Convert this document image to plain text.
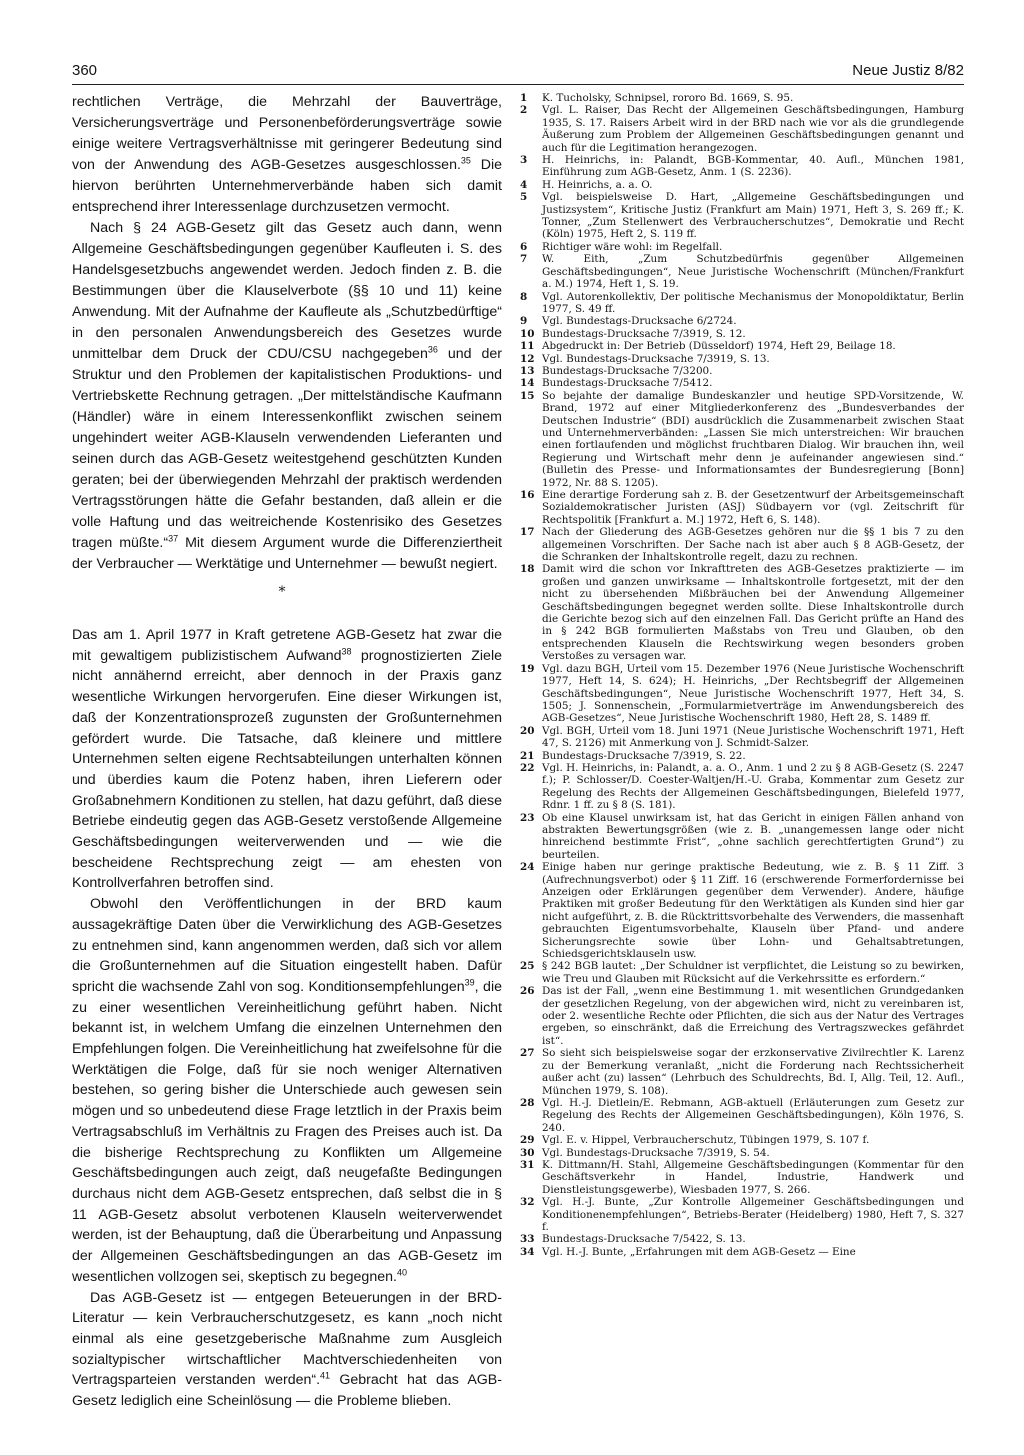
360	Neue Justiz 8/82

rechtlichen Verträge, die Mehrzahl der Bauverträge, Versicherungsverträge und Personenbeförderungsverträge sowie einige weitere Vertragsverhältnisse mit geringerer Bedeutung sind von der Anwendung des AGB-Gesetzes ausgeschlossen.$^{35}$ Die hiervon berührten Unternehmerverbände haben sich damit entsprechend ihrer Interessenlage durchzusetzen vermocht.

Nach § 24 AGB-Gesetz gilt das Gesetz auch dann, wenn Allgemeine Geschäftsbedingungen gegenüber Kaufleuten i. S. des Handelsgesetzbuchs angewendet werden. Jedoch finden z. B. die Bestimmungen über die Klauselverbote (§§ 10 und 11) keine Anwendung. Mit der Aufnahme der Kaufleute als „Schutzbedürftige“ in den personalen Anwendungsbereich des Gesetzes wurde unmittelbar dem Druck der CDU/CSU nachgegeben$^{36}$ und der Struktur und den Problemen der kapitalistischen Produktions- und Vertriebskette Rechnung getragen. „Der mittelständische Kaufmann (Händler) wäre in einem Interessenkonflikt zwischen seinem ungehindert weiter AGB-Klauseln verwendenden Lieferanten und seinen durch das AGB-Gesetz weitestgehend geschützten Kunden geraten; bei der überwiegenden Mehrzahl der praktisch werdenden Vertragsstörungen hätte die Gefahr bestanden, daß allein er die volle Haftung und das weitreichende Kostenrisiko des Gesetzes tragen müßte.“$^{37}$ Mit diesem Argument wurde die Differenziertheit der Verbraucher — Werktätige und Unternehmer — bewußt negiert.

*

Das am 1. April 1977 in Kraft getretene AGB-Gesetz hat zwar die mit gewaltigem publizistischem Aufwand$^{38}$ prognostizierten Ziele nicht annähernd erreicht, aber dennoch in der Praxis ganz wesentliche Wirkungen hervorgerufen. Eine dieser Wirkungen ist, daß der Konzentrationsprozeß zugunsten der Großunternehmen gefördert wurde. Die Tatsache, daß kleinere und mittlere Unternehmen selten eigene Rechtsabteilungen unterhalten können und überdies kaum die Potenz haben, ihren Lieferern oder Großabnehmern Konditionen zu stellen, hat dazu geführt, daß diese Betriebe eindeutig gegen das AGB-Gesetz verstoßende Allgemeine Geschäftsbedingungen weiterverwenden und — wie die bescheidene Rechtsprechung zeigt — am ehesten von Kontrollverfahren betroffen sind.

Obwohl den Veröffentlichungen in der BRD kaum aussagekräftige Daten über die Verwirklichung des AGB-Gesetzes zu entnehmen sind, kann angenommen werden, daß sich vor allem die Großunternehmen auf die Situation eingestellt haben. Dafür spricht die wachsende Zahl von sog. Konditionsempfehlungen$^{39}$, die zu einer wesentlichen Vereinheitlichung geführt haben. Nicht bekannt ist, in welchem Umfang die einzelnen Unternehmen den Empfehlungen folgen. Die Vereinheitlichung hat zweifelsohne für die Werktätigen die Folge, daß für sie noch weniger Alternativen bestehen, so gering bisher die Unterschiede auch gewesen sein mögen und so unbedeutend diese Frage letztlich in der Praxis beim Vertragsabschluß im Verhältnis zu Fragen des Preises auch ist. Da die bisherige Rechtsprechung zu Konflikten um Allgemeine Geschäftsbedingungen auch zeigt, daß neugefaßte Bedingungen durchaus nicht dem AGB-Gesetz entsprechen, daß selbst die in § 11 AGB-Gesetz absolut verbotenen Klauseln weiterverwendet werden, ist der Behauptung, daß die Überarbeitung und Anpassung der Allgemeinen Geschäftsbedingungen an das AGB-Gesetz im wesentlichen vollzogen sei, skeptisch zu begegnen.$^{40}$

Das AGB-Gesetz ist — entgegen Beteuerungen in der BRD-Literatur — kein Verbraucherschutzgesetz, es kann „noch nicht einmal als eine gesetzgeberische Maßnahme zum Ausgleich sozialtypischer wirtschaftlicher Machtverschiedenheiten von Vertragsparteien verstanden werden“.$^{41}$ Gebracht hat das AGB-Gesetz lediglich eine Scheinlösung — die Probleme blieben.

1	K. Tucholsky, Schnipsel, rororo Bd. 1669, S. 95.
2	Vgl. L. Raiser, Das Recht der Allgemeinen Geschäftsbedingungen, Hamburg 1935, S. 17. Raisers Arbeit wird in der BRD nach wie vor als die grundlegende Äußerung zum Problem der Allgemeinen Geschäftsbedingungen genannt und auch für die Legitimation herangezogen.
3	H. Heinrichs, in: Palandt, BGB-Kommentar, 40. Aufl., München 1981, Einführung zum AGB-Gesetz, Anm. 1 (S. 2236).
4	H. Heinrichs, a. a. O.
5	Vgl. beispielsweise D. Hart, „Allgemeine Geschäftsbedingungen und Justizsystem“, Kritische Justiz (Frankfurt am Main) 1971, Heft 3, S. 269 ff.; K. Tonner, „Zum Stellenwert des Verbraucherschutzes“, Demokratie und Recht (Köln) 1975, Heft 2, S. 119 ff.
6	Richtiger wäre wohl: im Regelfall.
7	W. Eith, „Zum Schutzbedürfnis gegenüber Allgemeinen Geschäftsbedingungen“, Neue Juristische Wochenschrift (München/Frankfurt a. M.) 1974, Heft 1, S. 19.
8	Vgl. Autorenkollektiv, Der politische Mechanismus der Monopoldiktatur, Berlin 1977, S. 49 ff.
9	Vgl. Bundestags-Drucksache 6/2724.
10 Bundestags-Drucksache 7/3919, S. 12.
11 Abgedruckt in: Der Betrieb (Düsseldorf) 1974, Heft 29, Beilage 18.
12 Vgl. Bundestags-Drucksache 7/3919, S. 13.
13 Bundestags-Drucksache 7/3200.
14 Bundestags-Drucksache 7/5412.
15 So bejahte der damalige Bundeskanzler und heutige SPD-Vorsitzende, W. Brand, 1972 auf einer Mitgliederkonferenz des „Bundesverbandes der Deutschen Industrie“ (BDI) ausdrücklich die Zusammenarbeit zwischen Staat und Unternehmerverbänden: „Lassen Sie mich unterstreichen: Wir brauchen einen fortlaufenden und möglichst fruchtbaren Dialog. Wir brauchen ihn, weil Regierung und Wirtschaft mehr denn je aufeinander angewiesen sind.“ (Bulletin des Presse- und Informationsamtes der Bundesregierung [Bonn] 1972, Nr. 88 S. 1205).
16 Eine derartige Forderung sah z. B. der Gesetzentwurf der Arbeitsgemeinschaft Sozialdemokratischer Juristen (ASJ) Südbayern vor (vgl. Zeitschrift für Rechtspolitik [Frankfurt a. M.] 1972, Heft 6, S. 148).
17 Nach der Gliederung des AGB-Gesetzes gehören nur die §§ 1 bis 7 zu den allgemeinen Vorschriften. Der Sache nach ist aber auch § 8 AGB-Gesetz, der die Schranken der Inhaltskontrolle regelt, dazu zu rechnen.
18 Damit wird die schon vor Inkrafttreten des AGB-Gesetzes praktizierte — im großen und ganzen unwirksame — Inhaltskontrolle fortgesetzt, mit der den nicht zu übersehenden Mißbräuchen bei der Anwendung Allgemeiner Geschäftsbedingungen begegnet werden sollte. Diese Inhaltskontrolle durch die Gerichte bezog sich auf den einzelnen Fall. Das Gericht prüfte an Hand des in § 242 BGB formulierten Maßstabs von Treu und Glauben, ob den entsprechenden Klauseln die Rechtswirkung wegen besonders groben Verstoßes zu versagen war.
19 Vgl. dazu BGH, Urteil vom 15. Dezember 1976 (Neue Juristische Wochenschrift 1977, Heft 14, S. 624); H. Heinrichs, „Der Rechtsbegriff der Allgemeinen Geschäftsbedingungen“, Neue Juristische Wochenschrift 1977, Heft 34, S. 1505; J. Sonnenschein, „Formularmietverträge im Anwendungsbereich des AGB-Gesetzes“, Neue Juristische Wochenschrift 1980, Heft 28, S. 1489 ff.
20 Vgl. BGH, Urteil vom 18. Juni 1971 (Neue Juristische Wochenschrift 1971, Heft 47, S. 2126) mit Anmerkung von J. Schmidt-Salzer.
21 Bundestags-Drucksache 7/3919, S. 22.
22 Vgl. H. Heinrichs, in: Palandt, a. a. O., Anm. 1 und 2 zu § 8 AGB-Gesetz (S. 2247 f.); P. Schlosser/D. Coester-Waltjen/H.-U. Graba, Kommentar zum Gesetz zur Regelung des Rechts der Allgemeinen Geschäftsbedingungen, Bielefeld 1977, Rdnr. 1 ff. zu § 8 (S. 181).
23 Ob eine Klausel unwirksam ist, hat das Gericht in einigen Fällen anhand von abstrakten Bewertungsgrößen (wie z. B. „unangemessen lange oder nicht hinreichend bestimmte Frist“, „ohne sachlich gerechtfertigten Grund“) zu beurteilen.
24 Einige haben nur geringe praktische Bedeutung, wie z. B. § 11 Ziff. 3 (Aufrechnungsverbot) oder § 11 Ziff. 16 (erschwerende Formerfordernisse bei Anzeigen oder Erklärungen gegenüber dem Verwender). Andere, häufige Praktiken mit großer Bedeutung für den Werktätigen als Kunden sind hier gar nicht aufgeführt, z. B. die Rücktrittsvorbehalte des Verwenders, die massenhaft gebrauchten Eigentumsvorbehalte, Klauseln über Pfand- und andere Sicherungsrechte sowie über Lohn- und Gehaltsabtretungen, Schiedsgerichtsklauseln usw.
25 § 242 BGB lautet: „Der Schuldner ist verpflichtet, die Leistung so zu bewirken, wie Treu und Glauben mit Rücksicht auf die Verkehrssitte es erfordern.“
26 Das ist der Fall, „wenn eine Bestimmung 1. mit wesentlichen Grundgedanken der gesetzlichen Regelung, von der abgewichen wird, nicht zu vereinbaren ist, oder 2. wesentliche Rechte oder Pflichten, die sich aus der Natur des Vertrages ergeben, so einschränkt, daß die Erreichung des Vertragszweckes gefährdet ist“.
27 So sieht sich beispielsweise sogar der erzkonservative Zivilrechtler K. Larenz zu der Bemerkung veranlaßt, „nicht die Forderung nach Rechtssicherheit außer acht (zu) lassen“ (Lehrbuch des Schuldrechts, Bd. I, Allg. Teil, 12. Aufl., München 1979, S. 108).
28 Vgl. H.-J. Dietlein/E. Rebmann, AGB-aktuell (Erläuterungen zum Gesetz zur Regelung des Rechts der Allgemeinen Geschäftsbedingungen), Köln 1976, S. 240.
29 Vgl. E. v. Hippel, Verbraucherschutz, Tübingen 1979, S. 107 f.
30 Vgl. Bundestags-Drucksache 7/3919, S. 54.
31 K. Dittmann/H. Stahl, Allgemeine Geschäftsbedingungen (Kommentar für den Geschäftsverkehr in Handel, Industrie, Handwerk und Dienstleistungsgewerbe), Wiesbaden 1977, S. 266.
32 Vgl. H.-J. Bunte, „Zur Kontrolle Allgemeiner Geschäftsbedingungen und Konditionenempfehlungen“, Betriebs-Berater (Heidelberg) 1980, Heft 7, S. 327 f.
33 Bundestags-Drucksache 7/5422, S. 13.
34 Vgl. H.-J. Bunte, „Erfahrungen mit dem AGB-Gesetz — Eine
